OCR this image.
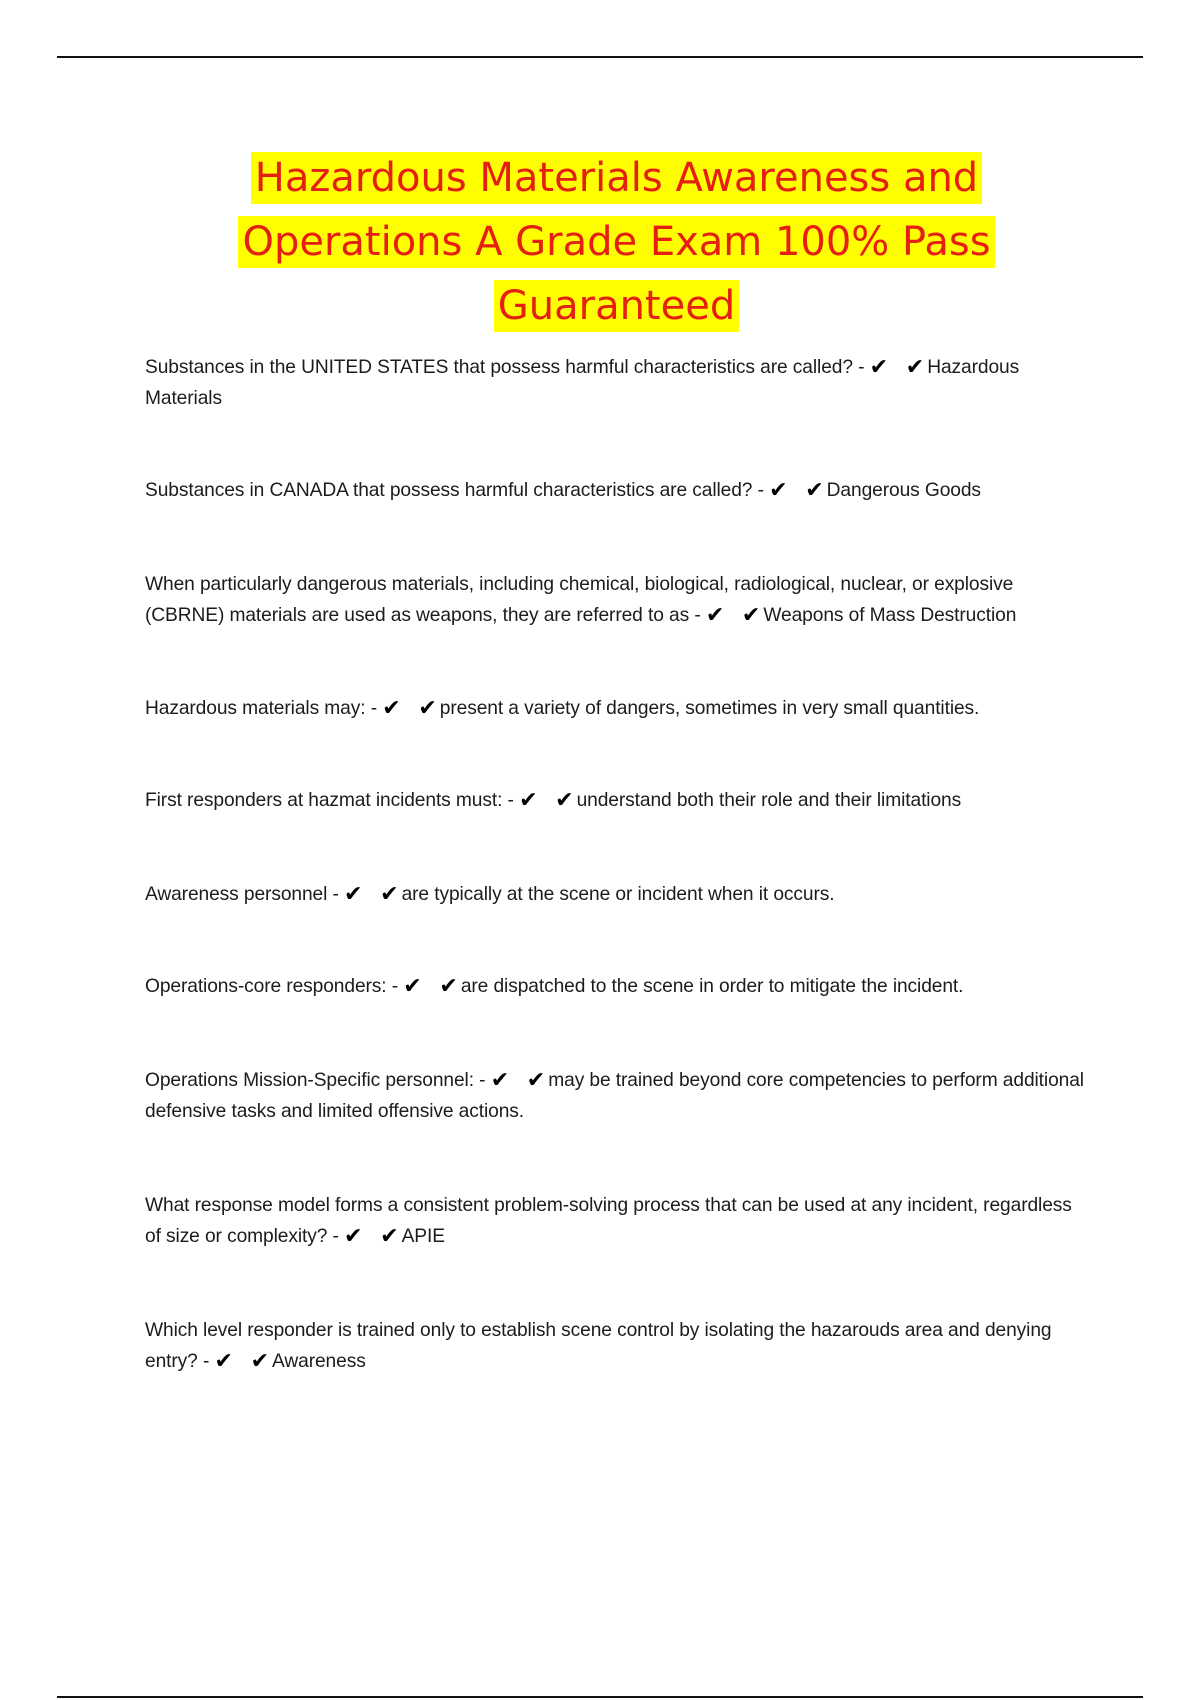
Hazardous Materials Awareness and
Operations A Grade Exam 100% Pass
Guaranteed
Substances in the UNITED STATES that possess harmful characteristics are called? - ✔ ✔Hazardous Materials
Substances in CANADA that possess harmful characteristics are called? - ✔ ✔Dangerous Goods
When particularly dangerous materials, including chemical, biological, radiological, nuclear, or explosive (CBRNE) materials are used as weapons, they are referred to as - ✔ ✔Weapons of Mass Destruction
Hazardous materials may: - ✔ ✔present a variety of dangers, sometimes in very small quantities.
First responders at hazmat incidents must: - ✔ ✔understand both their role and their limitations
Awareness personnel - ✔ ✔are typically at the scene or incident when it occurs.
Operations-core responders: - ✔ ✔are dispatched to the scene in order to mitigate the incident.
Operations Mission-Specific personnel: - ✔ ✔may be trained beyond core competencies to perform additional defensive tasks and limited offensive actions.
What response model forms a consistent problem-solving process that can be used at any incident, regardless of size or complexity? - ✔ ✔APIE
Which level responder is trained only to establish scene control by isolating the hazarouds area and denying entry? - ✔ ✔Awareness
